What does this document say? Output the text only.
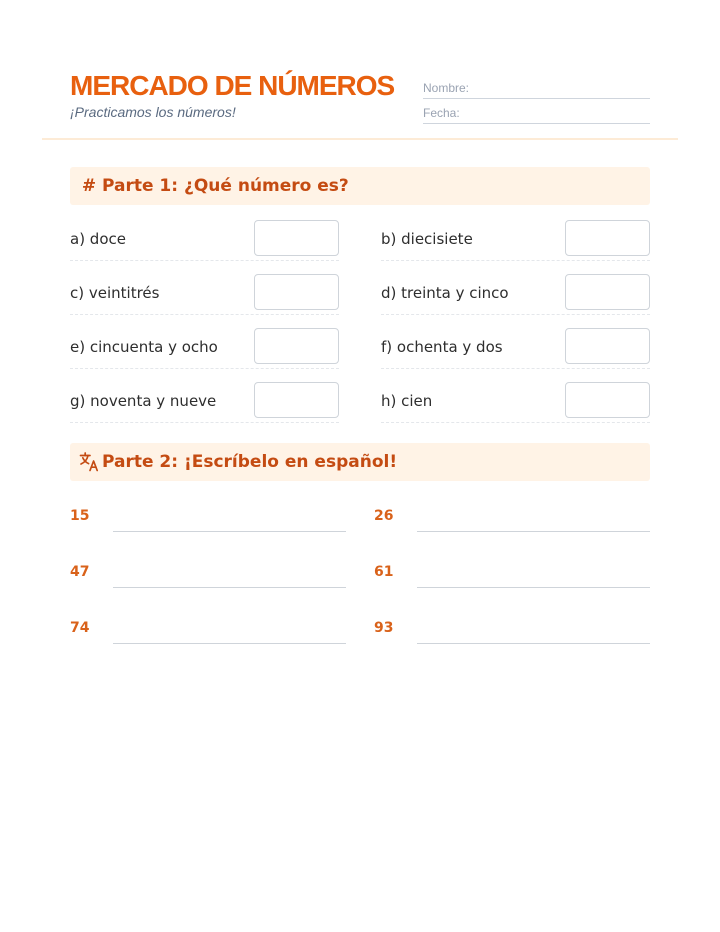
MERCADO DE NÚMEROS
¡Practicamos los números!
Nombre:
Fecha:
# Parte 1: ¿Qué número es?
a) doce	b) diecisiete
c) veintitrés	d) treinta y cinco
e) cincuenta y ocho	f) ochenta y dos
g) noventa y nueve	h) cien
Parte 2: ¡Escríbelo en español!
15	26
47	61
74	93
